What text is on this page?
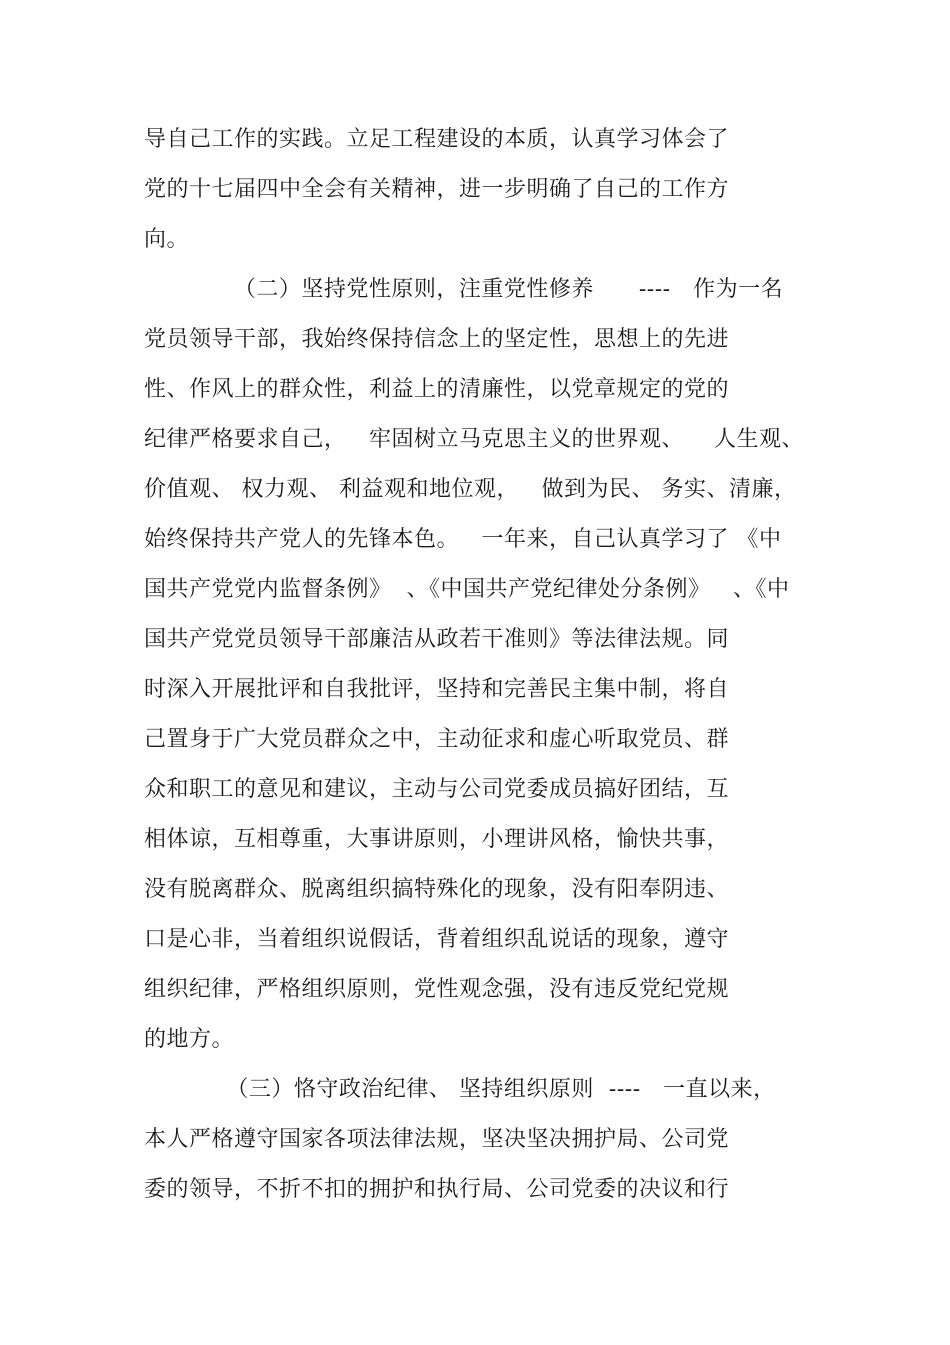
导自己工作的实践。立足工程建设的本质，认真学习体会了
党的十七届四中全会有关精神，进一步明确了自己的工作方
向。
（二）坚持党性原则，注重党性修养      ----   作为一名
党员领导干部，我始终保持信念上的坚定性，思想上的先进
性、作风上的群众性，利益上的清廉性，以党章规定的党的
纪律严格要求自己，   牢固树立马克思主义的世界观、    人生观、
价值观、 权力观、 利益观和地位观，   做到为民、 务实、清廉，
始终保持共产党人的先锋本色。   一年来，自己认真学习了 《中
国共产党党内监督条例》  、《中国共产党纪律处分条例》   、《中
国共产党党员领导干部廉洁从政若干准则》等法律法规。同
时深入开展批评和自我批评，坚持和完善民主集中制，将自
己置身于广大党员群众之中，主动征求和虚心听取党员、群
众和职工的意见和建议，主动与公司党委成员搞好团结，互
相体谅，互相尊重，大事讲原则，小理讲风格，愉快共事，
没有脱离群众、脱离组织搞特殊化的现象，没有阳奉阴违、
口是心非，当着组织说假话，背着组织乱说话的现象，遵守
组织纪律，严格组织原则，党性观念强，没有违反党纪党规
的地方。
（三）恪守政治纪律、 坚持组织原则  ----   一直以来，
本人严格遵守国家各项法律法规，坚决坚决拥护局、公司党
委的领导，不折不扣的拥护和执行局、公司党委的决议和行
